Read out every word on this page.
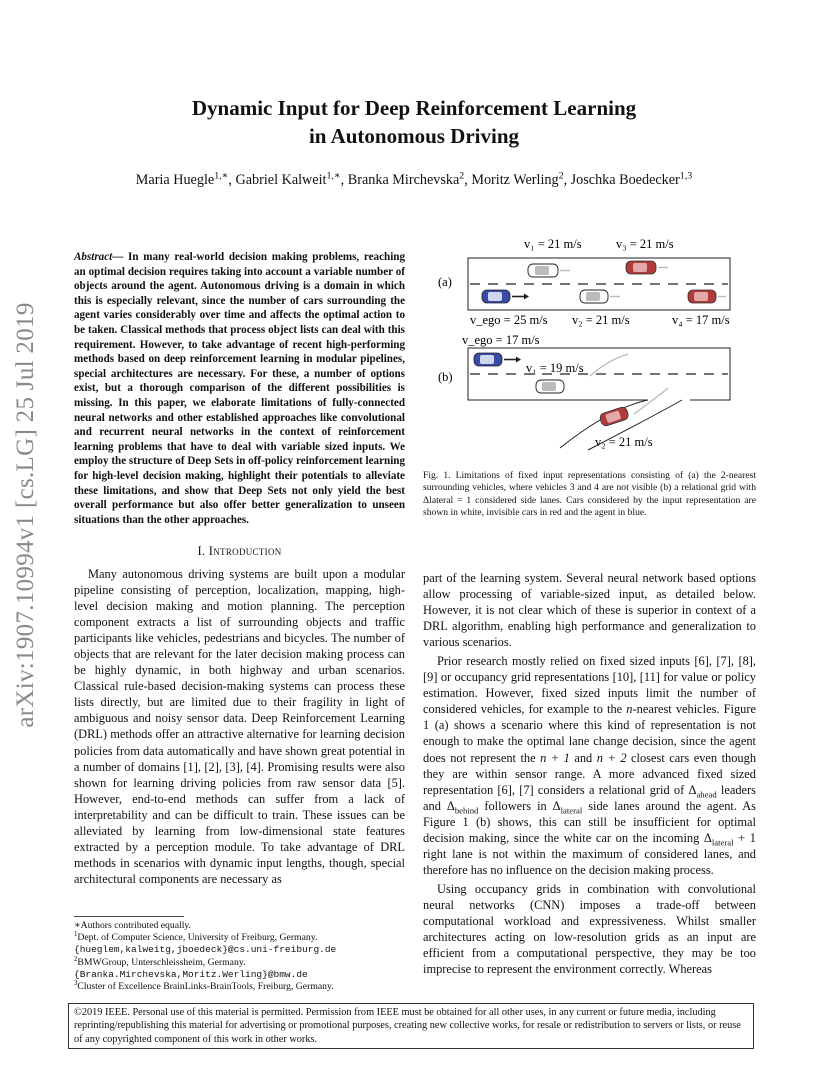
Dynamic Input for Deep Reinforcement Learning
in Autonomous Driving
Maria Huegle$^{1,∗}$, Gabriel Kalweit$^{1,∗}$, Branka Mirchevska$^2$, Moritz Werling$^2$, Joschka Boedecker$^{1,3}$
arXiv:1907.10994v1 [cs.LG] 25 Jul 2019
Abstract— In many real-world decision making problems, reaching an optimal decision requires taking into account a variable number of objects around the agent. Autonomous driving is a domain in which this is especially relevant, since the number of cars surrounding the agent varies considerably over time and affects the optimal action to be taken. Classical methods that process object lists can deal with this requirement. However, to take advantage of recent high-performing methods based on deep reinforcement learning in modular pipelines, special architectures are necessary. For these, a number of options exist, but a thorough comparison of the different possibilities is missing. In this paper, we elaborate limitations of fully-connected neural networks and other established approaches like convolutional and recurrent neural networks in the context of reinforcement learning problems that have to deal with variable sized inputs. We employ the structure of Deep Sets in off-policy reinforcement learning for high-level decision making, highlight their potentials to alleviate these limitations, and show that Deep Sets not only yield the best overall performance but also offer better generalization to unseen situations than the other approaches.
I. Introduction

Many autonomous driving systems are built upon a modular pipeline consisting of perception, localization, mapping, high-level decision making and motion planning. The perception component extracts a list of surrounding objects and traffic participants like vehicles, pedestrians and bicycles. The number of objects that are relevant for the later decision making process can be highly dynamic, in both highway and urban scenarios. Classical rule-based decision-making systems can process these lists directly, but are limited due to their fragility in light of ambiguous and noisy sensor data. Deep Reinforcement Learning (DRL) methods offer an attractive alternative for learning decision policies from data automatically and have shown great potential in a number of domains [1], [2], [3], [4]. Promising results were also shown for learning driving policies from raw sensor data [5]. However, end-to-end methods can suffer from a lack of interpretability and can be difficult to train. These issues can be alleviated by learning from low-dimensional state features extracted by a perception module. To take advantage of DRL methods in scenarios with dynamic input lengths, though, special architectural components are necessary as

∗Authors contributed equally.
$^1$Dept. of Computer Science, University of Freiburg, Germany.
{hueglem,kalweitg,jboedeck}@cs.uni-freiburg.de
$^2$BMWGroup, Unterschleissheim, Germany.
{Branka.Mirchevska,Moritz.Werling}@bmw.de
$^3$Cluster of Excellence BrainLinks-BrainTools, Freiburg, Germany.
(a)
v₁ = 21 m/s	v₃ = 21 m/s
v_ego = 25 m/s v₂ = 21 m/s	v₄ = 17 m/s
(b)
v_ego = 17 m/s
v₁ = 19 m/s
v₂ = 21 m/s
Fig. 1. Limitations of fixed input representations consisting of (a) the 2-nearest surrounding vehicles, where vehicles 3 and 4 are not visible (b) a relational grid with Δlateral = 1 considered side lanes. Cars considered by the input representation are shown in white, invisible cars in red and the agent in blue.

part of the learning system. Several neural network based options allow processing of variable-sized input, as detailed below. However, it is not clear which of these is superior in context of a DRL algorithm, enabling high performance and generalization to various scenarios.

Prior research mostly relied on fixed sized inputs [6], [7], [8], [9] or occupancy grid representations [10], [11] for value or policy estimation. However, fixed sized inputs limit the number of considered vehicles, for example to the n-nearest vehicles. Figure 1 (a) shows a scenario where this kind of representation is not enough to make the optimal lane change decision, since the agent does not represent the n + 1 and n + 2 closest cars even though they are within sensor range. A more advanced fixed sized representation [6], [7] considers a relational grid of $\Delta_{ahead}$ leaders and $\Delta_{behind}$ followers in $\Delta_{lateral}$ side lanes around the agent. As Figure 1 (b) shows, this can still be insufficient for optimal decision making, since the white car on the incoming $\Delta_{lateral} + 1$ right lane is not within the maximum of considered lanes, and therefore has no influence on the decision making process.

Using occupancy grids in combination with convolutional neural networks (CNN) imposes a trade-off between computational workload and expressiveness. Whilst smaller architectures acting on low-resolution grids as an input are efficient from a computational perspective, they may be too imprecise to represent the environment correctly. Whereas

©2019 IEEE. Personal use of this material is permitted. Permission from IEEE must be obtained for all other uses, in any current or future media, including reprinting/republishing this material for advertising or promotional purposes, creating new collective works, for resale or redistribution to servers or lists, or reuse of any copyrighted component of this work in other works.
